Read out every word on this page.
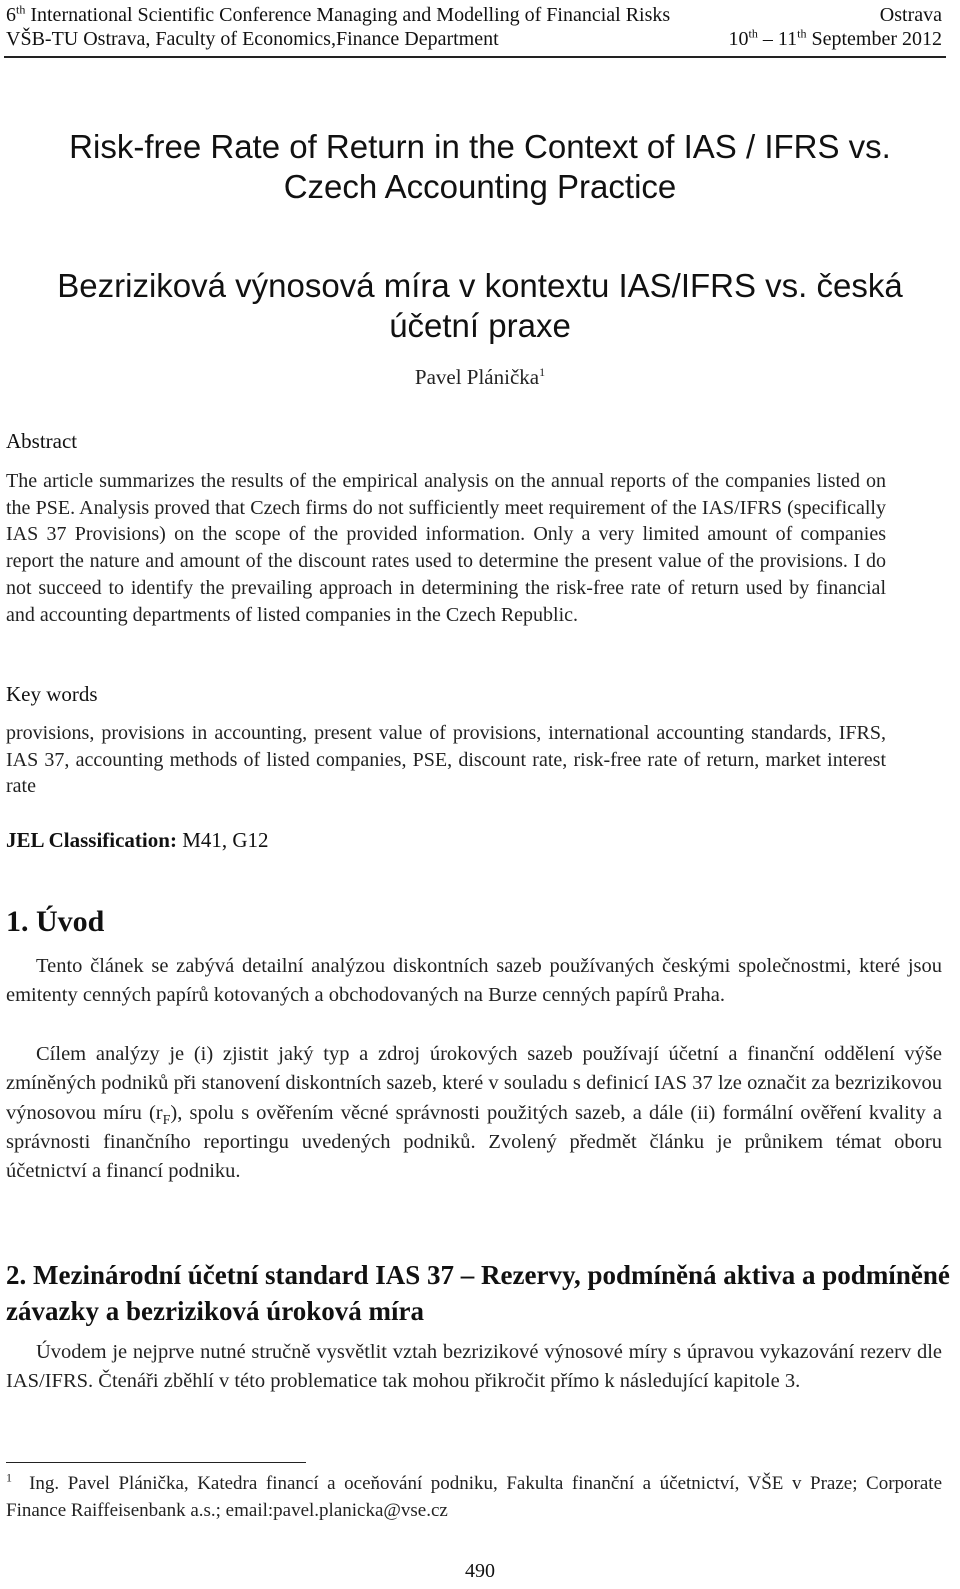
6th International Scientific Conference Managing and Modelling of Financial Risks	Ostrava
VŠB-TU Ostrava, Faculty of Economics,Finance Department	10th – 11th September 2012
Risk-free Rate of Return in the Context of IAS / IFRS vs. Czech Accounting Practice
Bezriziková výnosová míra v kontextu IAS/IFRS vs. česká účetní praxe
Pavel Plánička$^1$
Abstract
The article summarizes the results of the empirical analysis on the annual reports of the companies listed on the PSE. Analysis proved that Czech firms do not sufficiently meet requirement of the IAS/IFRS (specifically IAS 37 Provisions) on the scope of the provided information. Only a very limited amount of companies report the nature and amount of the discount rates used to determine the present value of the provisions. I do not succeed to identify the prevailing approach in determining the risk-free rate of return used by financial and accounting departments of listed companies in the Czech Republic.
Key words
provisions, provisions in accounting, present value of provisions, international accounting standards, IFRS, IAS 37, accounting methods of listed companies, PSE, discount rate, risk-free rate of return, market interest rate
JEL Classification: M41, G12
1. Úvod
Tento článek se zabývá detailní analýzou diskontních sazeb používaných českými společnostmi, které jsou emitenty cenných papírů kotovaných a obchodovaných na Burze cenných papírů Praha.
Cílem analýzy je (i) zjistit jaký typ a zdroj úrokových sazeb používají účetní a finanční oddělení výše zmíněných podniků při stanovení diskontních sazeb, které v souladu s definicí IAS 37 lze označit za bezrizikovou výnosovou míru $(r_F)$, spolu s ověřením věcné správnosti použitých sazeb, a dále (ii) formální ověření kvality a správnosti finančního reportingu uvedených podniků. Zvolený předmět článku je průnikem témat oboru účetnictví a financí podniku.
2. Mezinárodní účetní standard IAS 37 – Rezervy, podmíněná aktiva a podmíněné závazky a bezriziková úroková míra
Úvodem je nejprve nutné stručně vysvětlit vztah bezrizikové výnosové míry s úpravou vykazování rezerv dle IAS/IFRS. Čtenáři zběhlí v této problematice tak mohou přikročit přímo k následující kapitole 3.
$^1$ Ing. Pavel Plánička, Katedra financí a oceňování podniku, Fakulta finanční a účetnictví, VŠE v Praze; Corporate Finance Raiffeisenbank a.s.; email:pavel.planicka@vse.cz
490
